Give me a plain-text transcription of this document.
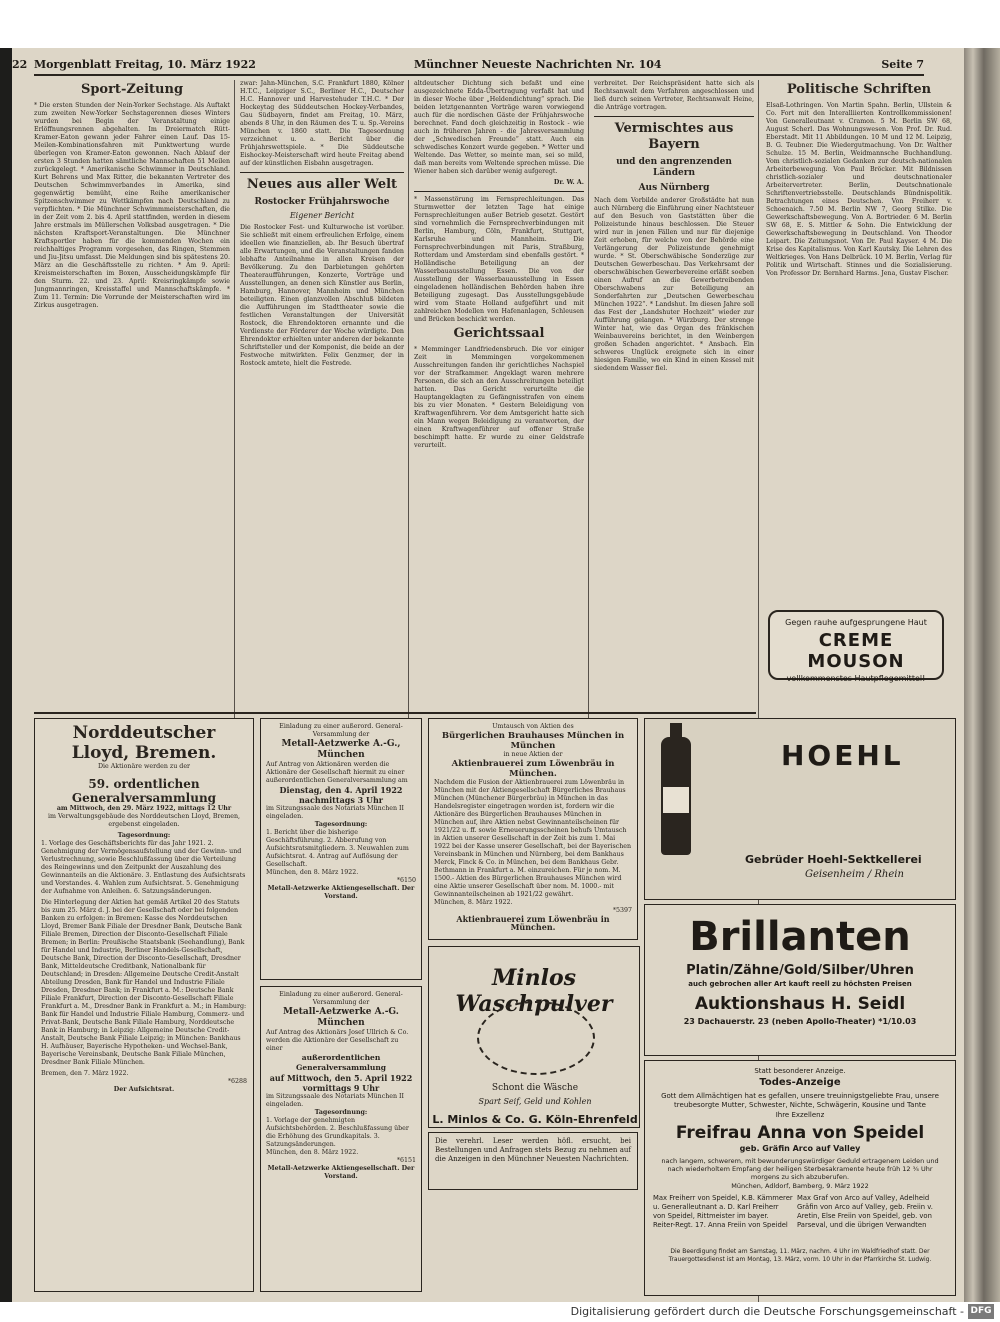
22 Morgenblatt Freitag, 10. März 1922	Münchner Neueste Nachrichten Nr. 104	Seite 7
Sport-Zeitung
* Die ersten Stunden der Nein-Yorker Sechstage. Als Auftakt zum zweiten New-Yorker Sechstagerennen dieses Winters wurden bei Begin der Veranstaltung einige Erlöffnungsrennen abgehalten. Im Dreiermatch Rütt-Kramer-Eaton gewann jeder Fahrer einen Lauf. Das 15-Meilen-Kombinationsfahren mit Punktwertung wurde überlegen von Kramer-Eaton gewonnen. Nach Ablauf der ersten 3 Stunden hatten sämtliche Mannschaften 51 Meilen zurückgelegt. * Amerikanische Schwimmer in Deutschland. Kurt Behrens und Max Ritter, die bekannten Vertreter des Deutschen Schwimmverbandes in Amerika, sind gegenwärtig bemüht, eine Reihe amerikanischer Spitzenschwimmer zu Wettkämpfen nach Deutschland zu verpflichten. * Die Münchner Schwimmmeisterschaften, die in der Zeit vom 2. bis 4. April stattfinden, werden in diesem Jahre erstmals im Müllerschen Volksbad ausgetragen. * Die nächsten Kraftsport-Veranstaltungen. Die Münchner Kraftsportler haben für die kommenden Wochen ein reichhaltiges Programm vorgesehen, das Ringen, Stemmen und Jiu-Jitsu umfasst. Die Meldungen sind bis spätestens 20. März an die Geschäftsstelle zu richten. * Am 9. April: Kreismeisterschaften im Boxen, Ausscheidungskämpfe für den Sturm. 22. und 23. April: Kreisringkämpfe sowie Jungmannringen, Kreisstaffel und Mannschaftskämpfe. * Zum 11. Termin: Die Vorrunde der Meisterschaften wird im Zirkus ausgetragen.
zwar: Jahn-München, S.C. Frankfurt 1880, Kölner H.T.C., Leipziger S.C., Berliner H.C., Deutscher H.C. Hannover und Harvestehuder T.H.C. * Der Hockeytag des Süddeutschen Hockey-Verbandes, Gau Südbayern, findet am Freitag, 10. März, abends 8 Uhr, in den Räumen des T. u. Sp.-Vereins München v. 1860 statt. Die Tagesordnung verzeichnet u. a. Bericht über die Frühjahrswettspiele. * Die Süddeutsche Eishockey-Meisterschaft wird heute Freitag abend auf der künstlichen Eisbahn ausgetragen.
Neues aus aller Welt
Rostocker Frühjahrswoche
Eigener Bericht
Die Rostocker Fest- und Kulturwoche ist vorüber. Sie schließt mit einem erfreulichen Erfolge, einem ideellen wie finanziellen, ab. Ihr Besuch übertraf alle Erwartungen, und die Veranstaltungen fanden lebhafte Anteilnahme in allen Kreisen der Bevölkerung. Zu den Darbietungen gehörten Theateraufführungen, Konzerte, Vorträge und Ausstellungen, an denen sich Künstler aus Berlin, Hamburg, Hannover, Mannheim und München beteiligten. Einen glanzvollen Abschluß bildeten die Aufführungen im Stadttheater sowie die festlichen Veranstaltungen der Universität Rostock, die Ehrendoktoren ernannte und die Verdienste der Förderer der Woche würdigte. Den Ehrendoktor erhielten unter anderen der bekannte Schriftsteller und der Komponist, die beide an der Festwoche mitwirkten. Felix Genzmer, der in Rostock amtete, hielt die Festrede.
altdeutscher Dichtung sich befaßt und eine ausgezeichnete Edda-Übertragung verfaßt hat und in dieser Woche über „Heldendichtung“ sprach. Die beiden letztgenannten Vorträge waren vorwiegend auch für die nordischen Gäste der Frühjahrswoche berechnet. Fand doch gleichzeitig in Rostock - wie auch in früheren Jahren - die Jahresversammlung der „Schwedischen Freunde“ statt. Auch ein schwedisches Konzert wurde gegeben. * Wetter und Weltende. Das Wetter, so meinte man, sei so mild, daß man bereits vom Weltende sprechen müsse. Die Wiener haben sich darüber wenig aufgeregt.
Dr. W. A.
* Massenstörung im Fernsprechleitungen. Das Sturmwetter der letzten Tage hat einige Fernsprechleitungen außer Betrieb gesetzt. Gestört sind vornehmlich die Fernsprechverbindungen mit Berlin, Hamburg, Cöln, Frankfurt, Stuttgart, Karlsruhe und Mannheim. Die Fernsprechverbindungen mit Paris, Straßburg, Rotterdam und Amsterdam sind ebenfalls gestört. * Holländische Beteiligung an der Wasserbauausstellung Essen. Die von der Ausstellung der Wasserbauausstellung in Essen eingeladenen holländischen Behörden haben ihre Beteiligung zugesagt. Das Ausstellungsgebäude wird vom Staate Holland aufgeführt und mit zahlreichen Modellen von Hafenanlagen, Schleusen und Brücken beschickt werden.
Gerichtssaal
* Memminger Landfriedensbruch. Die vor einiger Zeit in Memmingen vorgekommenen Ausschreitungen fanden ihr gerichtliches Nachspiel vor der Strafkammer. Angeklagt waren mehrere Personen, die sich an den Ausschreitungen beteiligt hatten. Das Gericht verurteilte die Hauptangeklagten zu Gefängnisstrafen von einem bis zu vier Monaten. * Gestern Beleidigung von Kraftwagenführern. Vor dem Amtsgericht hatte sich ein Mann wegen Beleidigung zu verantworten, der einen Kraftwagenführer auf offener Straße beschimpft hatte. Er wurde zu einer Geldstrafe verurteilt.
verbreitet. Der Reichspräsident hatte sich als Rechtsanwalt dem Verfahren angeschlossen und ließ durch seinen Vertreter, Rechtsanwalt Heine, die Anträge vortragen.
Vermischtes aus Bayern
und den angrenzenden Ländern
Aus Nürnberg
Nach dem Vorbilde anderer Großstädte hat nun auch Nürnberg die Einführung einer Nachtsteuer auf den Besuch von Gaststätten über die Polizeistunde hinaus beschlossen. Die Steuer wird nur in jenen Fällen und nur für diejenige Zeit erhoben, für welche von der Behörde eine Verlängerung der Polizeistunde genehmigt wurde. * St. Oberschwäbische Sonderzüge zur Deutschen Gewerbeschau. Das Verkehrsamt der oberschwäbischen Gewerbevereine erläßt soeben einen Aufruf an die Gewerbetreibenden Oberschwabens zur Beteiligung an Sonderfahrten zur „Deutschen Gewerbeschau München 1922“. * Landshut. Im diesen Jahre soll das Fest der „Landshuter Hochzeit“ wieder zur Aufführung gelangen. * Würzburg. Der strenge Winter hat, wie das Organ des fränkischen Weinbauvereins berichtet, in den Weinbergen großen Schaden angerichtet. * Ansbach. Ein schweres Unglück ereignete sich in einer hiesigen Familie, wo ein Kind in einen Kessel mit siedendem Wasser fiel.
Politische Schriften
Elsaß-Lothringen. Von Martin Spahn. Berlin, Ullstein & Co. Fort mit den Interalliierten Kontrollkommissionen! Von Generalleutnant v. Cramon. 5 M. Berlin SW 68, August Scherl. Das Wohnungswesen. Von Prof. Dr. Rud. Eberstadt. Mit 11 Abbildungen. 10 M und 12 M. Leipzig, B. G. Teubner. Die Wiedergutmachung. Von Dr. Walther Schulze. 15 M. Berlin, Weidmannsche Buchhandlung. Vom christlich-sozialen Gedanken zur deutsch-nationalen Arbeiterbewegung. Von Paul Bröcker. Mit Bildnissen christlich-sozialer und deutschnationaler Arbeitervertreter. Berlin, Deutschnationale Schriftenvertriebsstelle. Deutschlands Bündnispolitik. Betrachtungen eines Deutschen. Von Freiherr v. Schoenaich. 7.50 M. Berlin NW 7, Georg Stilke. Die Gewerkschaftsbewegung. Von A. Bortrieder. 6 M. Berlin SW 68, E. S. Mittler & Sohn. Die Entwicklung der Gewerkschaftsbewegung in Deutschland. Von Theodor Leipart. Die Zeitungsnot. Von Dr. Paul Kayser. 4 M. Die Krise des Kapitalismus. Von Karl Kautsky. Die Lehren des Weltkrieges. Von Hans Delbrück. 10 M. Berlin, Verlag für Politik und Wirtschaft. Stinnes und die Sozialisierung. Von Professor Dr. Bernhard Harms. Jena, Gustav Fischer.
Gegen rauhe aufgesprungene Haut
CREME MOUSON
vollkommenstes Hautpflegemittel!
Norddeutscher Lloyd, Bremen.
Die Aktionäre werden zu der
59. ordentlichen Generalversammlung
am Mittwoch, den 29. März 1922, mittags 12 Uhr
im Verwaltungsgebäude des Norddeutschen Lloyd, Bremen, ergebenst eingeladen.
Tagesordnung:
1. Vorlage des Geschäftsberichts für das Jahr 1921. 2. Genehmigung der Vermögensaufstellung und der Gewinn- und Verlustrechnung, sowie Beschlußfassung über die Verteilung des Reingewinns und den Zeitpunkt der Auszahlung des Gewinnanteils an die Aktionäre. 3. Entlastung des Aufsichtsrats und Vorstandes. 4. Wahlen zum Aufsichtsrat. 5. Genehmigung der Aufnahme von Anleihen. 6. Satzungsänderungen.
Die Hinterlegung der Aktien hat gemäß Artikel 20 des Statuts bis zum 25. März d. J. bei der Gesellschaft oder bei folgenden Banken zu erfolgen: in Bremen: Kasse des Norddeutschen Lloyd, Bremer Bank Filiale der Dresdner Bank, Deutsche Bank Filiale Bremen, Direction der Disconto-Gesellschaft Filiale Bremen; in Berlin: Preußische Staatsbank (Seehandlung), Bank für Handel und Industrie, Berliner Handels-Gesellschaft, Deutsche Bank, Direction der Disconto-Gesellschaft, Dresdner Bank, Mitteldeutsche Creditbank, Nationalbank für Deutschland; in Dresden: Allgemeine Deutsche Credit-Anstalt Abteilung Dresden, Bank für Handel und Industrie Filiale Dresden, Dresdner Bank; in Frankfurt a. M.: Deutsche Bank Filiale Frankfurt, Direction der Disconto-Gesellschaft Filiale Frankfurt a. M., Dresdner Bank in Frankfurt a. M.; in Hamburg: Bank für Handel und Industrie Filiale Hamburg, Commerz- und Privat-Bank, Deutsche Bank Filiale Hamburg, Norddeutsche Bank in Hamburg; in Leipzig: Allgemeine Deutsche Credit-Anstalt, Deutsche Bank Filiale Leipzig; in München: Bankhaus H. Aufhäuser, Bayerische Hypotheken- und Wechsel-Bank, Bayerische Vereinsbank, Deutsche Bank Filiale München, Dresdner Bank Filiale München.
Bremen, den 7. März 1922.
*6288
Der Aufsichtsrat.
Einladung zu einer außerord. General-Versammlung der
Metall-Aetzwerke A.-G., München
Auf Antrag von Aktionären werden die Aktionäre der Gesellschaft hiermit zu einer außerordentlichen Generalversammlung am
Dienstag, den 4. April 1922 nachmittags 3 Uhr
im Sitzungssaale des Notariats München II eingeladen.
Tagesordnung:
1. Bericht über die bisherige Geschäftsführung. 2. Abberufung von Aufsichtsratsmitgliedern. 3. Neuwahlen zum Aufsichtsrat. 4. Antrag auf Auflösung der Gesellschaft.
München, den 8. März 1922.
*6150
Metall-Aetzwerke Aktiengesellschaft. Der Vorstand.
Einladung zu einer außerord. General-Versammlung der
Metall-Aetzwerke A.-G. München
Auf Antrag des Aktionärs Josef Ullrich & Co. werden die Aktionäre der Gesellschaft zu einer
außerordentlichen Generalversammlung
auf Mittwoch, den 5. April 1922 vormittags 9 Uhr
im Sitzungssaale des Notariats München II eingeladen.
Tagesordnung:
1. Vorlage der genehmigten Aufsichtsbehörden. 2. Beschlußfassung über die Erhöhung des Grundkapitals. 3. Satzungsänderungen.
München, den 8. März 1922.
*6151
Metall-Aetzwerke Aktiengesellschaft. Der Vorstand.
Umtausch von Aktien des
Bürgerlichen Brauhauses München in München
in neue Aktien der
Aktienbrauerei zum Löwenbräu in München.
Nachdem die Fusion der Aktienbrauerei zum Löwenbräu in München mit der Aktiengesellschaft Bürgerliches Brauhaus München (Münchener Bürgerbräu) in München in das Handelsregister eingetragen worden ist, fordern wir die Aktionäre des Bürgerlichen Brauhauses München in München auf, ihre Aktien nebst Gewinnanteilscheinen für 1921/22 u. ff. sowie Erneuerungsscheinen behufs Umtausch in Aktien unserer Gesellschaft in der Zeit bis zum 1. Mai 1922 bei der Kasse unserer Gesellschaft, bei der Bayerischen Vereinsbank in München und Nürnberg, bei dem Bankhaus Merck, Finck & Co. in München, bei dem Bankhaus Gebr. Bethmann in Frankfurt a. M. einzureichen. Für je nom. M. 1500.- Aktien des Bürgerlichen Brauhauses München wird eine Aktie unserer Gesellschaft über nom. M. 1000.- mit Gewinnanteilscheinen ab 1921/22 gewährt.
München, 8. März 1922.
*5397
Aktienbrauerei zum Löwenbräu in München.
Minlos Waschpulver
Schont die Wäsche
Spart Seif, Geld und Kohlen
L. Minlos & Co. G. Köln-Ehrenfeld
Die verehrl. Leser werden höfl. ersucht, bei Bestellungen und Anfragen stets Bezug zu nehmen auf die Anzeigen in den Münchner Neuesten Nachrichten.
HOEHL
Gebrüder Hoehl-Sektkellerei
Geisenheim / Rhein
Brillanten
Platin/Zähne/Gold/Silber/Uhren
auch gebrochen aller Art kauft reell zu höchsten Preisen
Auktionshaus H. Seidl
23 Dachauerstr. 23 (neben Apollo-Theater) *1/10.03
Statt besonderer Anzeige.
Todes-Anzeige
Gott dem Allmächtigen hat es gefallen, unsere treuinnigstgeliebte Frau, unsere treubesorgte Mutter, Schwester, Nichte, Schwägerin, Kousine und Tante
Ihre Exzellenz
Freifrau Anna von Speidel
geb. Gräfin Arco auf Valley
nach langem, schwerem, mit bewunderungswürdiger Geduld ertragenem Leiden und nach wiederholtem Empfang der heiligen Sterbesakramente heute früh 12 ¾ Uhr morgens zu sich abzuberufen.
München, Adldorf, Bamberg, 9. März 1922
Max Freiherr von Speidel, K.B. Kämmerer u. Generalleutnant a. D. Karl Freiherr von Speidel, Rittmeister im bayer. Reiter-Regt. 17. Anna Freiin von Speidel
Max Graf von Arco auf Valley, Adelheid Gräfin von Arco auf Valley, geb. Freiin v. Aretin, Else Freiin von Speidel, geb. von Parseval, und die übrigen Verwandten
Die Beerdigung findet am Samstag, 11. März, nachm. 4 Uhr im Waldfriedhof statt. Der Trauergottesdienst ist am Montag, 13. März, vorm. 10 Uhr in der Pfarrkirche St. Ludwig.
Digitalisierung gefördert durch die Deutsche Forschungsgemeinschaft - DFG
